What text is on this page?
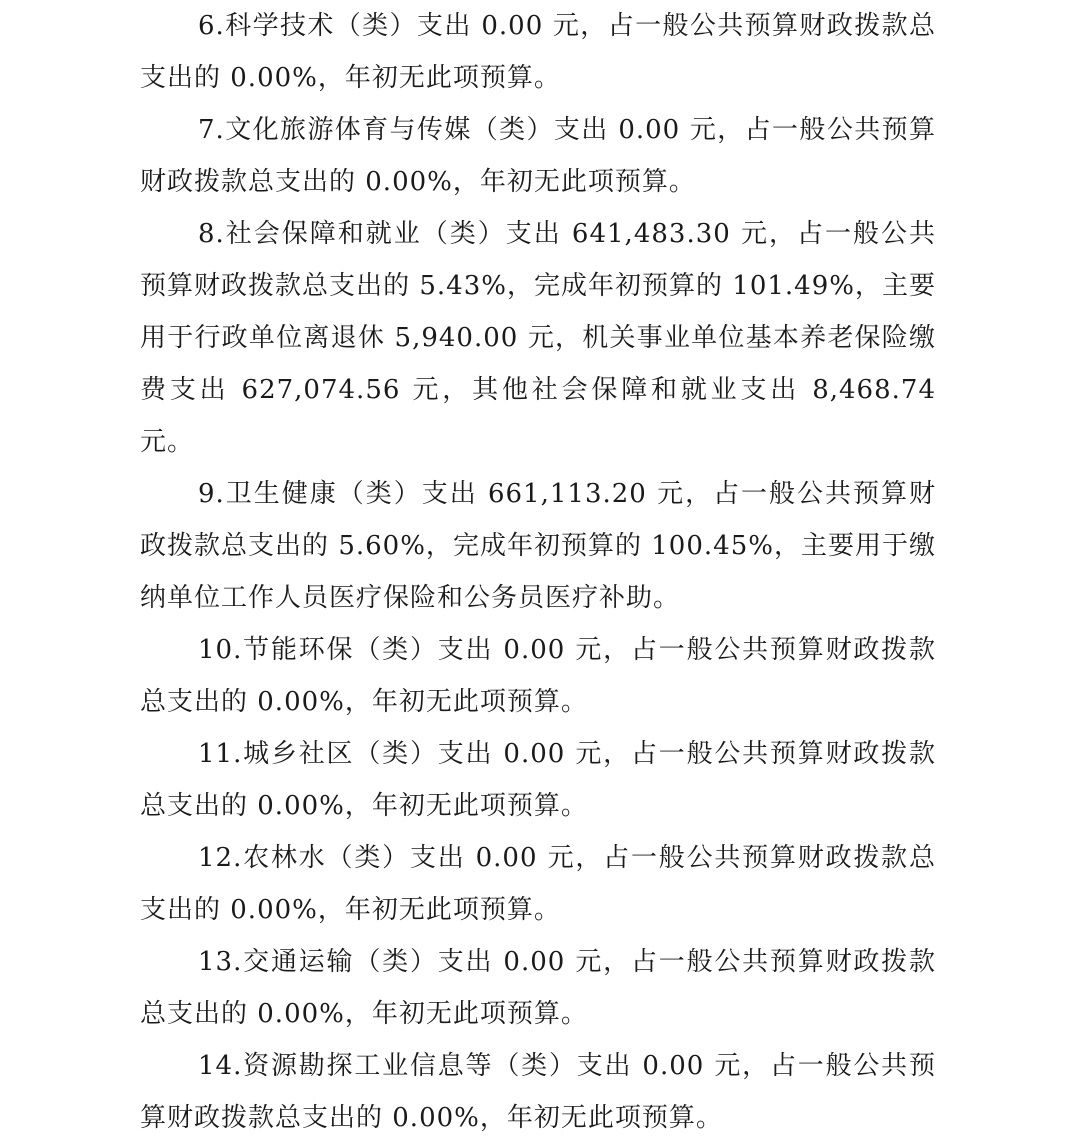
6.科学技术（类）支出 0.00 元，占一般公共预算财政拨款总支出的 0.00%，年初无此项预算。

7.文化旅游体育与传媒（类）支出 0.00 元，占一般公共预算财政拨款总支出的 0.00%，年初无此项预算。

8.社会保障和就业（类）支出 641,483.30 元，占一般公共预算财政拨款总支出的 5.43%，完成年初预算的 101.49%，主要用于行政单位离退休 5,940.00 元，机关事业单位基本养老保险缴费支出 627,074.56 元，其他社会保障和就业支出 8,468.74 元。

9.卫生健康（类）支出 661,113.20 元，占一般公共预算财政拨款总支出的 5.60%，完成年初预算的 100.45%，主要用于缴纳单位工作人员医疗保险和公务员医疗补助。

10.节能环保（类）支出 0.00 元，占一般公共预算财政拨款总支出的 0.00%，年初无此项预算。

11.城乡社区（类）支出 0.00 元，占一般公共预算财政拨款总支出的 0.00%，年初无此项预算。

12.农林水（类）支出 0.00 元，占一般公共预算财政拨款总支出的 0.00%，年初无此项预算。

13.交通运输（类）支出 0.00 元，占一般公共预算财政拨款总支出的 0.00%，年初无此项预算。

14.资源勘探工业信息等（类）支出 0.00 元，占一般公共预算财政拨款总支出的 0.00%，年初无此项预算。
